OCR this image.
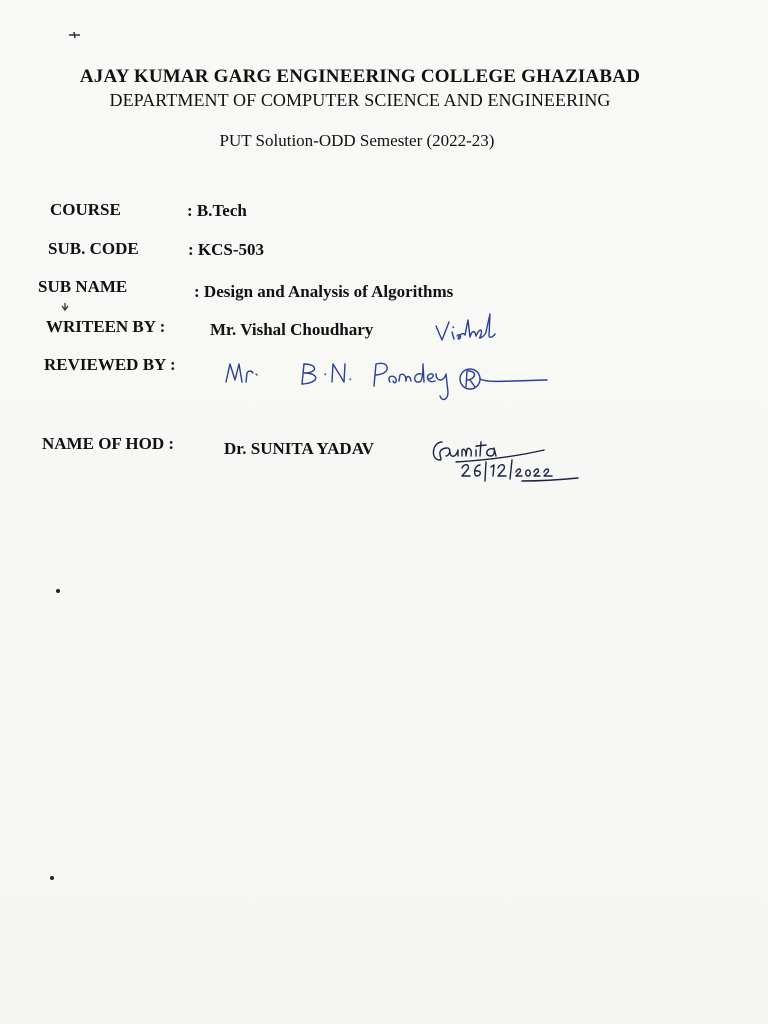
AJAY KUMAR GARG ENGINEERING COLLEGE GHAZIABAD
DEPARTMENT OF COMPUTER SCIENCE AND ENGINEERING
PUT Solution-ODD Semester (2022-23)
COURSE	: B.Tech
SUB. CODE	: KCS-503
SUB NAME	: Design and Analysis of Algorithms
WRITEEN BY :	Mr. Vishal Choudhary
REVIEWED BY :
NAME OF HOD :	Dr. SUNITA YADAV
